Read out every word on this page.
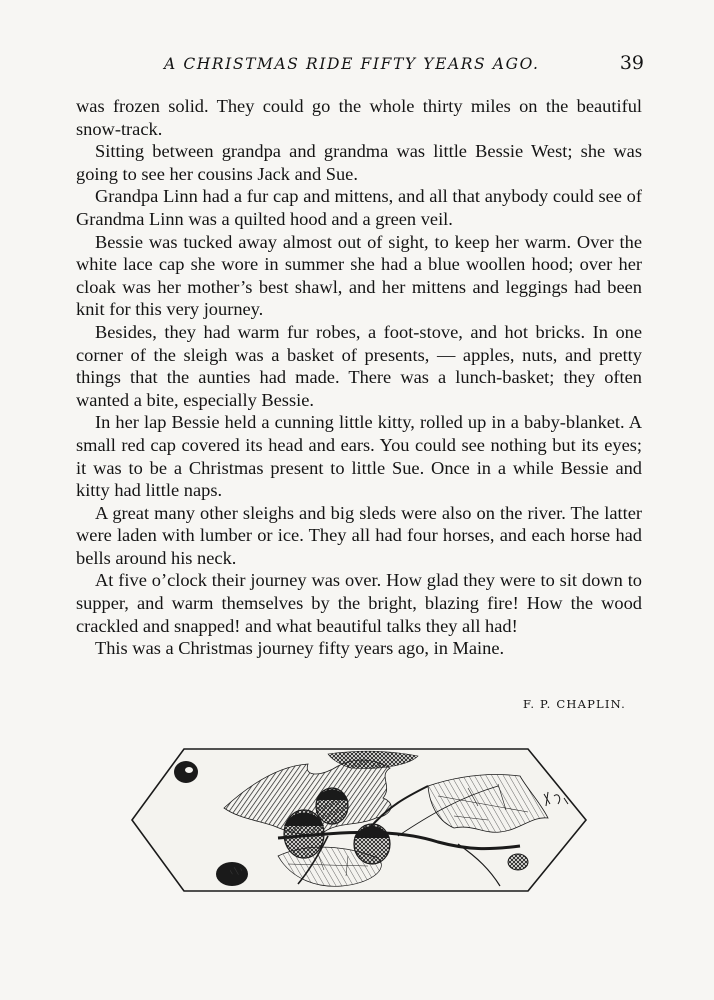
A CHRISTMAS RIDE FIFTY YEARS AGO.	39

was frozen solid. They could go the whole thirty miles on the beautiful snow-track.

Sitting between grandpa and grandma was little Bessie West; she was going to see her cousins Jack and Sue.

Grandpa Linn had a fur cap and mittens, and all that anybody could see of Grandma Linn was a quilted hood and a green veil.

Bessie was tucked away almost out of sight, to keep her warm. Over the white lace cap she wore in summer she had a blue woollen hood; over her cloak was her mother’s best shawl, and her mittens and leggings had been knit for this very journey.

Besides, they had warm fur robes, a foot-stove, and hot bricks. In one corner of the sleigh was a basket of presents, — apples, nuts, and pretty things that the aunties had made. There was a lunch-basket; they often wanted a bite, especially Bessie.

In her lap Bessie held a cunning little kitty, rolled up in a baby-blanket. A small red cap covered its head and ears. You could see nothing but its eyes; it was to be a Christmas present to little Sue. Once in a while Bessie and kitty had little naps.

A great many other sleighs and big sleds were also on the river. The latter were laden with lumber or ice. They all had four horses, and each horse had bells around his neck.

At five o’clock their journey was over. How glad they were to sit down to supper, and warm themselves by the bright, blazing fire! How the wood crackled and snapped! and what beautiful talks they all had!

This was a Christmas journey fifty years ago, in Maine.

F. P. CHAPLIN.
